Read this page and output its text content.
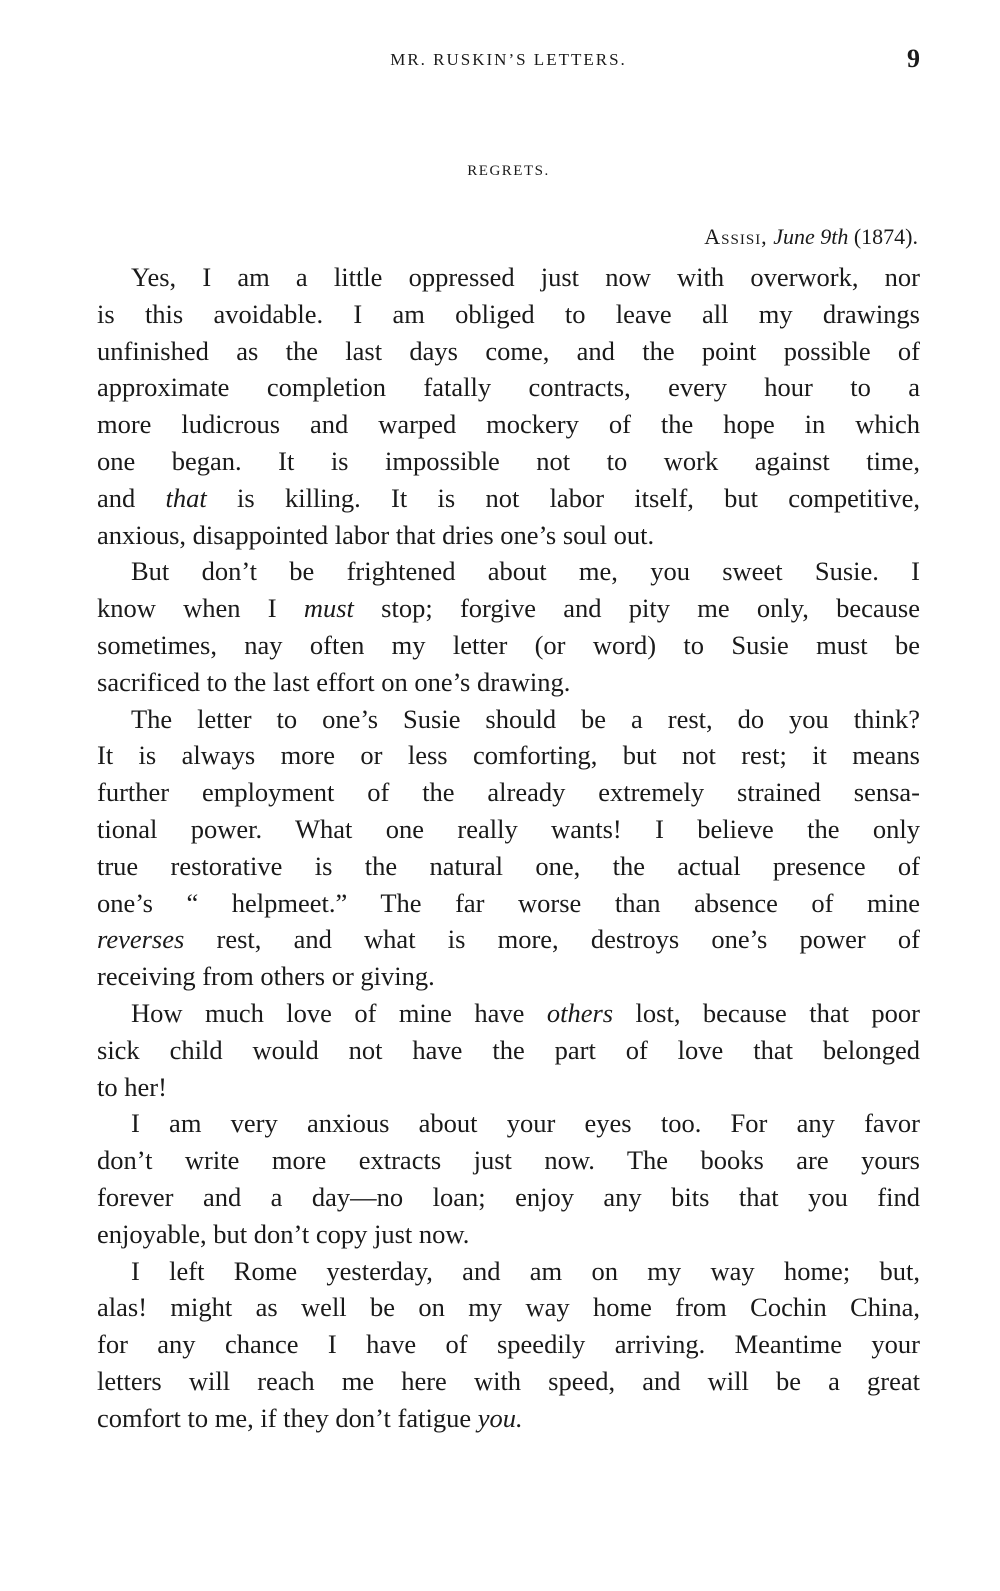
MR. RUSKIN’S LETTERS.	9
REGRETS.
Assisi, June 9th (1874).
Yes, I am a little oppressed just now with overwork, nor
is this avoidable. I am obliged to leave all my drawings
unfinished as the last days come, and the point possible of
approximate completion fatally contracts, every hour to a
more ludicrous and warped mockery of the hope in which
one began. It is impossible not to work against time,
and that is killing. It is not labor itself, but competitive,
anxious, disappointed labor that dries one’s soul out.
But don’t be frightened about me, you sweet Susie. I
know when I must stop; forgive and pity me only, because
sometimes, nay often my letter (or word) to Susie must be
sacrificed to the last effort on one’s drawing.
The letter to one’s Susie should be a rest, do you think?
It is always more or less comforting, but not rest; it means
further employment of the already extremely strained sensa-
tional power. What one really wants! I believe the only
true restorative is the natural one, the actual presence of
one’s “ helpmeet.” The far worse than absence of mine
reverses rest, and what is more, destroys one’s power of
receiving from others or giving.
How much love of mine have others lost, because that poor
sick child would not have the part of love that belonged
to her!
I am very anxious about your eyes too. For any favor
don’t write more extracts just now. The books are yours
forever and a day—no loan; enjoy any bits that you find
enjoyable, but don’t copy just now.
I left Rome yesterday, and am on my way home; but,
alas! might as well be on my way home from Cochin China,
for any chance I have of speedily arriving. Meantime your
letters will reach me here with speed, and will be a great
comfort to me, if they don’t fatigue you.
